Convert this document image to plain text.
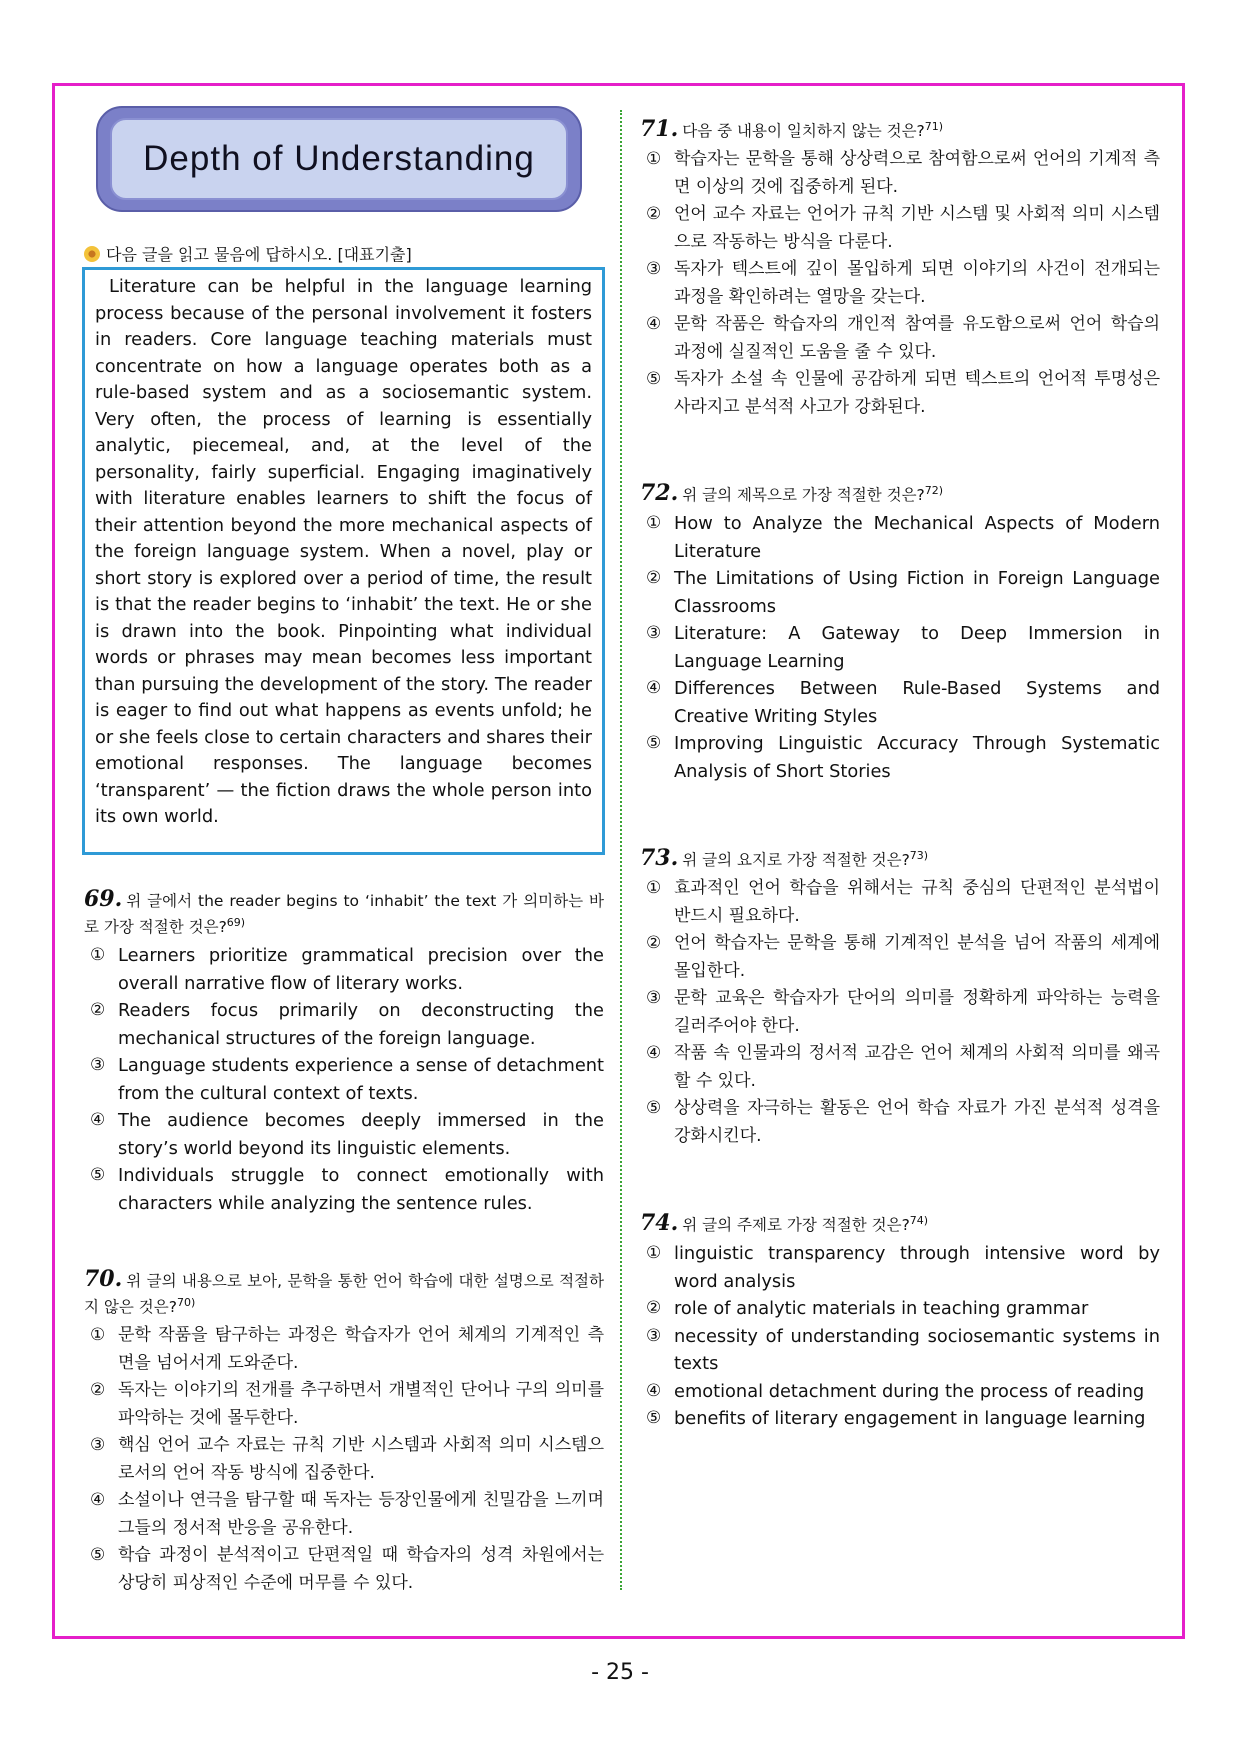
Depth of Understanding
다음 글을 읽고 물음에 답하시오. [대표기출]

Literature can be helpful in the language learning process because of the personal involvement it fosters in readers. Core language teaching materials must concentrate on how a language operates both as a rule-based system and as a sociosemantic system. Very often, the process of learning is essentially analytic, piecemeal, and, at the level of the personality, fairly superficial. Engaging imaginatively with literature enables learners to shift the focus of their attention beyond the more mechanical aspects of the foreign language system. When a novel, play or short story is explored over a period of time, the result is that the reader begins to ‘inhabit’ the text. He or she is drawn into the book. Pinpointing what individual words or phrases may mean becomes less important than pursuing the development of the story. The reader is eager to find out what happens as events unfold; he or she feels close to certain characters and shares their emotional responses. The language becomes ‘transparent’ — the fiction draws the whole person into its own world.

69. 위 글에서 the reader begins to ‘inhabit’ the text 가 의미하는 바로 가장 적절한 것은?$^{69)}$
① Learners prioritize grammatical precision over the overall narrative flow of literary works.
② Readers focus primarily on deconstructing the mechanical structures of the foreign language.
③ Language students experience a sense of detachment from the cultural context of texts.
④ The audience becomes deeply immersed in the story’s world beyond its linguistic elements.
⑤ Individuals struggle to connect emotionally with characters while analyzing the sentence rules.
70. 위 글의 내용으로 보아, 문학을 통한 언어 학습에 대한 설명으로 적절하지 않은 것은?$^{70)}$
① 문학 작품을 탐구하는 과정은 학습자가 언어 체계의 기계적인 측면을 넘어서게 도와준다.
② 독자는 이야기의 전개를 추구하면서 개별적인 단어나 구의 의미를 파악하는 것에 몰두한다.
③ 핵심 언어 교수 자료는 규칙 기반 시스템과 사회적 의미 시스템으로서의 언어 작동 방식에 집중한다.
④ 소설이나 연극을 탐구할 때 독자는 등장인물에게 친밀감을 느끼며 그들의 정서적 반응을 공유한다.
⑤ 학습 과정이 분석적이고 단편적일 때 학습자의 성격 차원에서는 상당히 피상적인 수준에 머무를 수 있다.
71. 다음 중 내용이 일치하지 않는 것은?$^{71)}$
① 학습자는 문학을 통해 상상력으로 참여함으로써 언어의 기계적 측면 이상의 것에 집중하게 된다.
② 언어 교수 자료는 언어가 규칙 기반 시스템 및 사회적 의미 시스템으로 작동하는 방식을 다룬다.
③ 독자가 텍스트에 깊이 몰입하게 되면 이야기의 사건이 전개되는 과정을 확인하려는 열망을 갖는다.
④ 문학 작품은 학습자의 개인적 참여를 유도함으로써 언어 학습의 과정에 실질적인 도움을 줄 수 있다.
⑤ 독자가 소설 속 인물에 공감하게 되면 텍스트의 언어적 투명성은 사라지고 분석적 사고가 강화된다.
72. 위 글의 제목으로 가장 적절한 것은?$^{72)}$
① How to Analyze the Mechanical Aspects of Modern Literature
② The Limitations of Using Fiction in Foreign Language Classrooms
③ Literature: A Gateway to Deep Immersion in Language Learning
④ Differences Between Rule-Based Systems and Creative Writing Styles
⑤ Improving Linguistic Accuracy Through Systematic Analysis of Short Stories
73. 위 글의 요지로 가장 적절한 것은?$^{73)}$
① 효과적인 언어 학습을 위해서는 규칙 중심의 단편적인 분석법이 반드시 필요하다.
② 언어 학습자는 문학을 통해 기계적인 분석을 넘어 작품의 세계에 몰입한다.
③ 문학 교육은 학습자가 단어의 의미를 정확하게 파악하는 능력을 길러주어야 한다.
④ 작품 속 인물과의 정서적 교감은 언어 체계의 사회적 의미를 왜곡할 수 있다.
⑤ 상상력을 자극하는 활동은 언어 학습 자료가 가진 분석적 성격을 강화시킨다.
74. 위 글의 주제로 가장 적절한 것은?$^{74)}$
① linguistic transparency through intensive word by word analysis
② role of analytic materials in teaching grammar
③ necessity of understanding sociosemantic systems in texts
④ emotional detachment during the process of reading
⑤ benefits of literary engagement in language learning
- 25 -
